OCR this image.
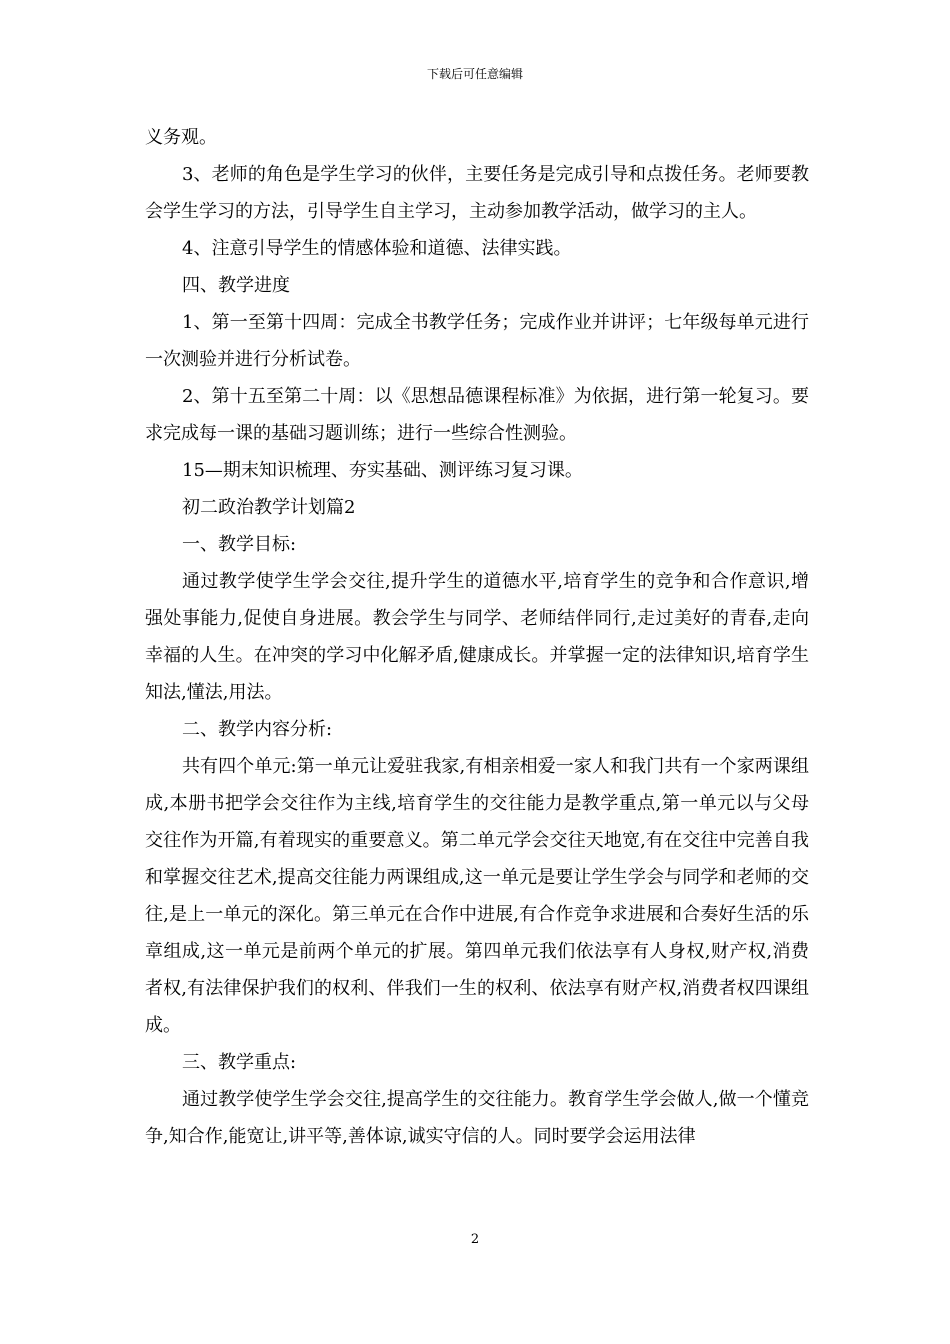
下载后可任意编辑

义务观。

3、老师的角色是学生学习的伙伴，主要任务是完成引导和点拨任务。老师要教会学生学习的方法，引导学生自主学习，主动参加教学活动，做学习的主人。

4、注意引导学生的情感体验和道德、法律实践。

四、教学进度

1、第一至第十四周：完成全书教学任务；完成作业并讲评；七年级每单元进行一次测验并进行分析试卷。

2、第十五至第二十周：以《思想品德课程标准》为依据，进行第一轮复习。要求完成每一课的基础习题训练；进行一些综合性测验。

15—期末知识梳理、夯实基础、测评练习复习课。

初二政治教学计划篇2

一、教学目标:

通过教学使学生学会交往,提升学生的道德水平,培育学生的竞争和合作意识,增强处事能力,促使自身进展。教会学生与同学、老师结伴同行,走过美好的青春,走向幸福的人生。在冲突的学习中化解矛盾,健康成长。并掌握一定的法律知识,培育学生知法,懂法,用法。

二、教学内容分析:

共有四个单元:第一单元让爱驻我家,有相亲相爱一家人和我门共有一个家两课组成,本册书把学会交往作为主线,培育学生的交往能力是教学重点,第一单元以与父母交往作为开篇,有着现实的重要意义。第二单元学会交往天地宽,有在交往中完善自我和掌握交往艺术,提高交往能力两课组成,这一单元是要让学生学会与同学和老师的交往,是上一单元的深化。第三单元在合作中进展,有合作竞争求进展和合奏好生活的乐章组成,这一单元是前两个单元的扩展。第四单元我们依法享有人身权,财产权,消费者权,有法律保护我们的权利、伴我们一生的权利、依法享有财产权,消费者权四课组成。

三、教学重点:

通过教学使学生学会交往,提高学生的交往能力。教育学生学会做人,做一个懂竞争,知合作,能宽让,讲平等,善体谅,诚实守信的人。同时要学会运用法律

2
